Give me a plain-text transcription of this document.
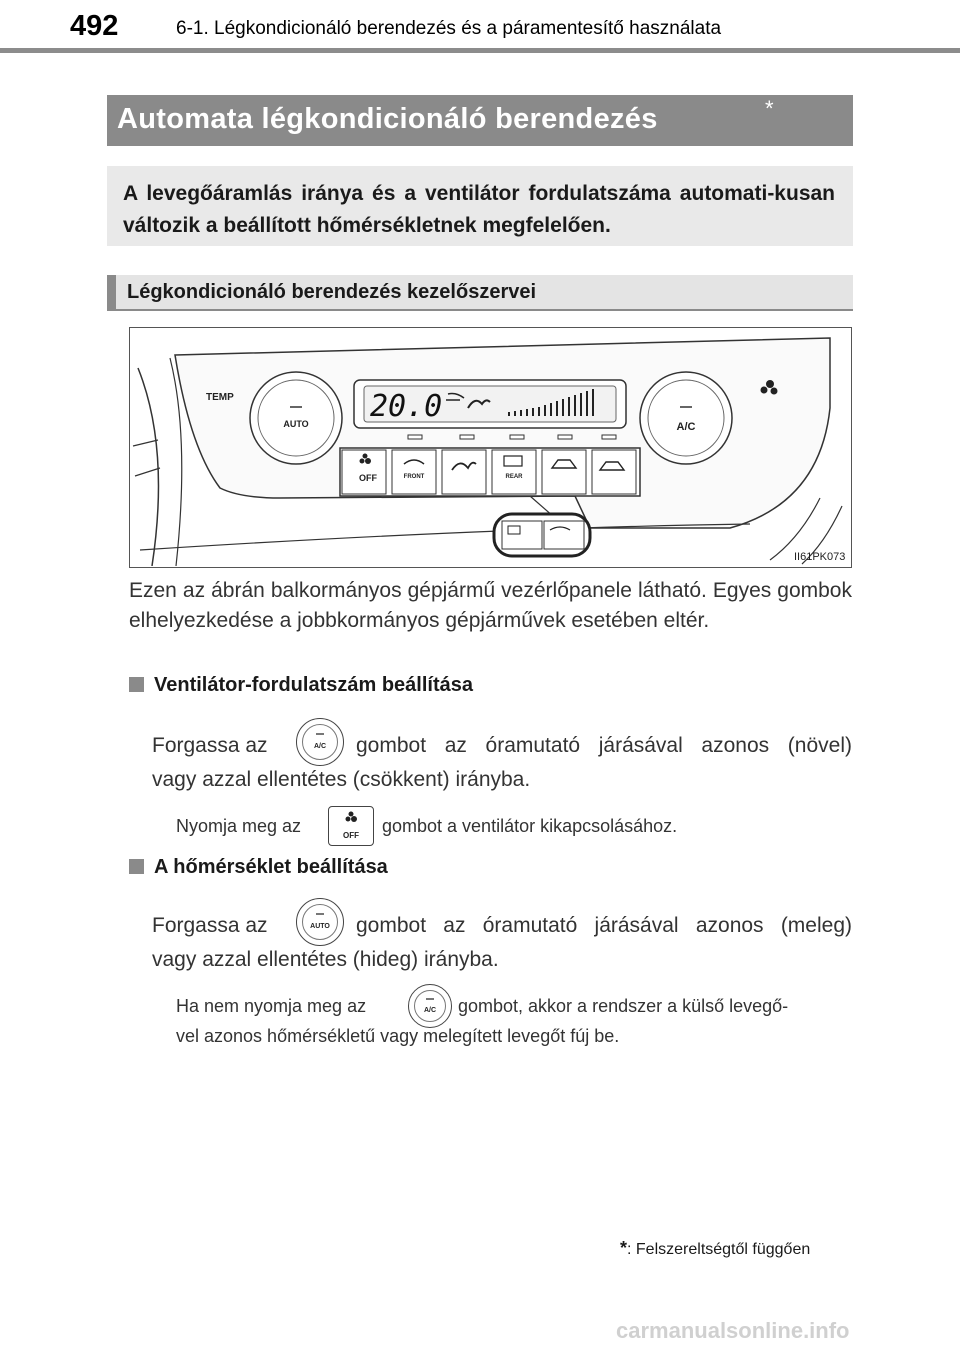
492	6-1. Légkondicionáló berendezés és a páramentesítő használata
Automata légkondicionáló berendezés	*
A levegőáramlás iránya és a ventilátor fordulatszáma automati-kusan változik a beállított hőmérsékletnek megfelelően.
Légkondicionáló berendezés kezelőszervei
TEMP
AUTO 20.0
OFF	FRONT	REAR
A/C
II61PK073
Ezen az ábrán balkormányos gépjármű vezérlőpanele látható. Egyes gombok elhelyezkedése a jobbkormányos gépjárművek esetében eltér.
Ventilátor-fordulatszám beállítása
Forgassa az	A/C	gombot az óramutató járásával azonos (növel)
vagy azzal ellentétes (csökkent) irányba.
Nyomja meg az	OFF	gombot a ventilátor kikapcsolásához.
A hőmérséklet beállítása
Forgassa az	AUTO	gombot az óramutató járásával azonos (meleg)
vagy azzal ellentétes (hideg) irányba.
Ha nem nyomja meg az	A/C	gombot, akkor a rendszer a külső levegő-
vel azonos hőmérsékletű vagy melegített levegőt fúj be.
*: Felszereltségtől függően
carmanualsonline.info
